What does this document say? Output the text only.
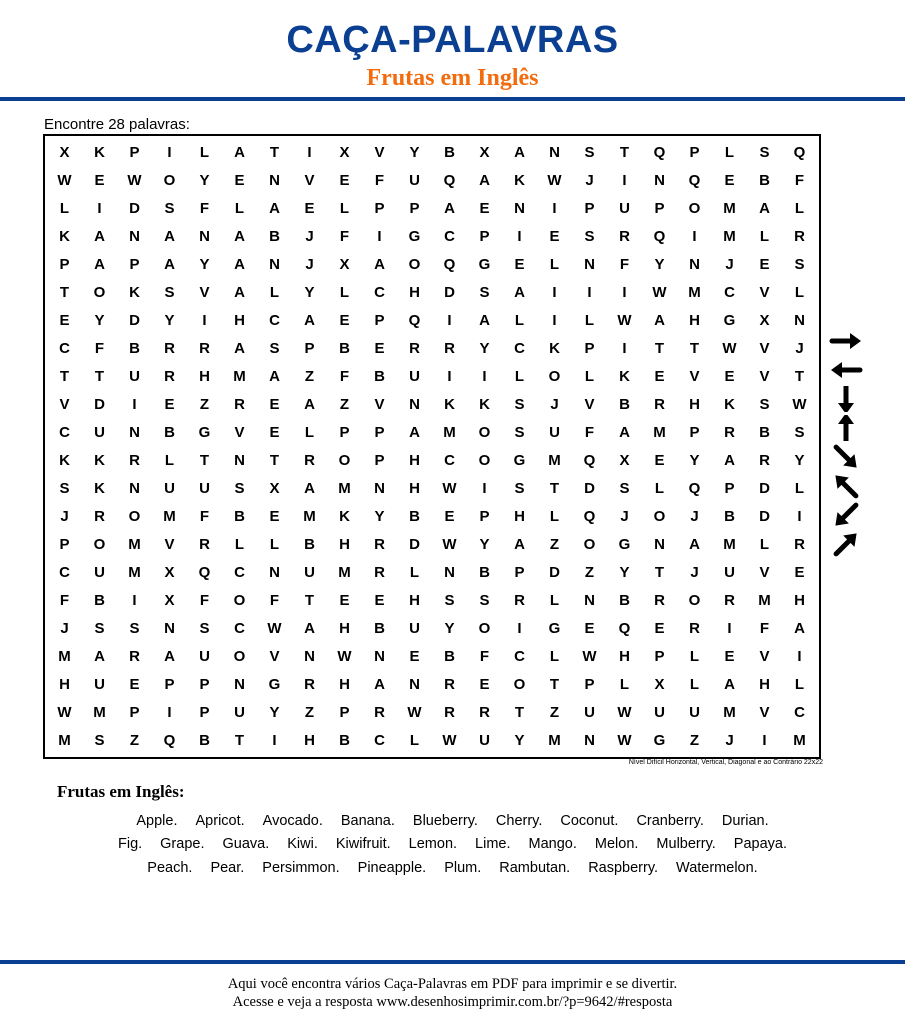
CAÇA-PALAVRAS
Frutas em Inglês
Encontre 28 palavras:
X	K	P	I	L	A	T	I	X	V	Y	B	X	A	N	S	T	Q	P	L	S	Q
W	E	W	O	Y	E	N	V	E	F	U	Q	A	K	W	J	I	N	Q	E	B	F
L	I	D	S	F	L	A	E	L	P	P	A	E	N	I	P	U	P	O	M	A	L
K	A	N	A	N	A	B	J	F	I	G	C	P	I	E	S	R	Q	I	M	L	R
P	A	P	A	Y	A	N	J	X	A	O	Q	G	E	L	N	F	Y	N	J	E	S
T	O	K	S	V	A	L	Y	L	C	H	D	S	A	I	I	I	W	M	C	V	L
E	Y	D	Y	I	H	C	A	E	P	Q	I	A	L	I	L	W	A	H	G	X	N
C	F	B	R	R	A	S	P	B	E	R	R	Y	C	K	P	I	T	T	W	V	J
T	T	U	R	H	M	A	Z	F	B	U	I	I	L	O	L	K	E	V	E	V	T
V	D	I	E	Z	R	E	A	Z	V	N	K	K	S	J	V	B	R	H	K	S	W
C	U	N	B	G	V	E	L	P	P	A	M	O	S	U	F	A	M	P	R	B	S
K	K	R	L	T	N	T	R	O	P	H	C	O	G	M	Q	X	E	Y	A	R	Y
S	K	N	U	U	S	X	A	M	N	H	W	I	S	T	D	S	L	Q	P	D	L
J	R	O	M	F	B	E	M	K	Y	B	E	P	H	L	Q	J	O	J	B	D	I
P	O	M	V	R	L	L	B	H	R	D	W	Y	A	Z	O	G	N	A	M	L	R
C	U	M	X	Q	C	N	U	M	R	L	N	B	P	D	Z	Y	T	J	U	V	E
F	B	I	X	F	O	F	T	E	E	H	S	S	R	L	N	B	R	O	R	M	H
J	S	S	N	S	C	W	A	H	B	U	Y	O	I	G	E	Q	E	R	I	F	A
M	A	R	A	U	O	V	N	W	N	E	B	F	C	L	W	H	P	L	E	V	I
H	U	E	P	P	N	G	R	H	A	N	R	E	O	T	P	L	X	L	A	H	L
W	M	P	I	P	U	Y	Z	P	R	W	R	R	T	Z	U	W	U	U	M	V	C
M	S	Z	Q	B	T	I	H	B	C	L	W	U	Y	M	N	W	G	Z	J	I	M
Nível Difícil Horizontal, Vertical, Diagonal e ao Contrário 22x22
Frutas em Inglês:
Apple. Apricot. Avocado. Banana. Blueberry. Cherry. Coconut. Cranberry. Durian.
Fig. Grape. Guava. Kiwi. Kiwifruit. Lemon. Lime. Mango. Melon. Mulberry. Papaya.
Peach. Pear. Persimmon. Pineapple. Plum. Rambutan. Raspberry. Watermelon.
Aqui você encontra vários Caça-Palavras em PDF para imprimir e se divertir.
Acesse e veja a resposta www.desenhosimprimir.com.br/?p=9642/#resposta
